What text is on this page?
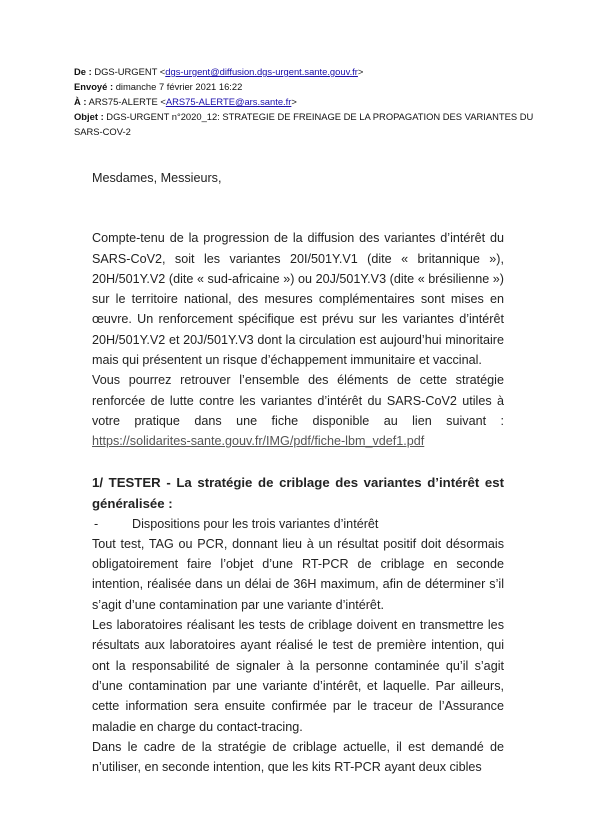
De : DGS-URGENT <dgs-urgent@diffusion.dgs-urgent.sante.gouv.fr>
Envoyé : dimanche 7 février 2021 16:22
À : ARS75-ALERTE <ARS75-ALERTE@ars.sante.fr>
Objet : DGS-URGENT n°2020_12: STRATEGIE DE FREINAGE DE LA PROPAGATION DES VARIANTES DU
SARS-COV-2

Mesdames, Messieurs,

Compte-tenu de la progression de la diffusion des variantes d’intérêt du SARS-CoV2, soit les variantes 20I/501Y.V1 (dite « britannique »), 20H/501Y.V2 (dite « sud-africaine ») ou 20J/501Y.V3 (dite « brésilienne ») sur le territoire national, des mesures complémentaires sont mises en œuvre. Un renforcement spécifique est prévu sur les variantes d’intérêt 20H/501Y.V2 et 20J/501Y.V3 dont la circulation est aujourd’hui minoritaire mais qui présentent un risque d’échappement immunitaire et vaccinal.

Vous pourrez retrouver l’ensemble des éléments de cette stratégie renforcée de lutte contre les variantes d’intérêt du SARS-CoV2 utiles à votre pratique dans une fiche disponible au lien suivant : https://solidarites-sante.gouv.fr/IMG/pdf/fiche-lbm_vdef1.pdf

1/ TESTER - La stratégie de criblage des variantes d’intérêt est généralisée :

-	Dispositions pour les trois variantes d’intérêt

Tout test, TAG ou PCR, donnant lieu à un résultat positif doit désormais obligatoirement faire l’objet d’une RT-PCR de criblage en seconde intention, réalisée dans un délai de 36H maximum, afin de déterminer s’il s’agit d’une contamination par une variante d’intérêt.

Les laboratoires réalisant les tests de criblage doivent en transmettre les résultats aux laboratoires ayant réalisé le test de première intention, qui ont la responsabilité de signaler à la personne contaminée qu’il s’agit d’une contamination par une variante d’intérêt, et laquelle. Par ailleurs, cette information sera ensuite confirmée par le traceur de l’Assurance maladie en charge du contact-tracing.

Dans le cadre de la stratégie de criblage actuelle, il est demandé de n’utiliser, en seconde intention, que les kits RT-PCR ayant deux cibles
